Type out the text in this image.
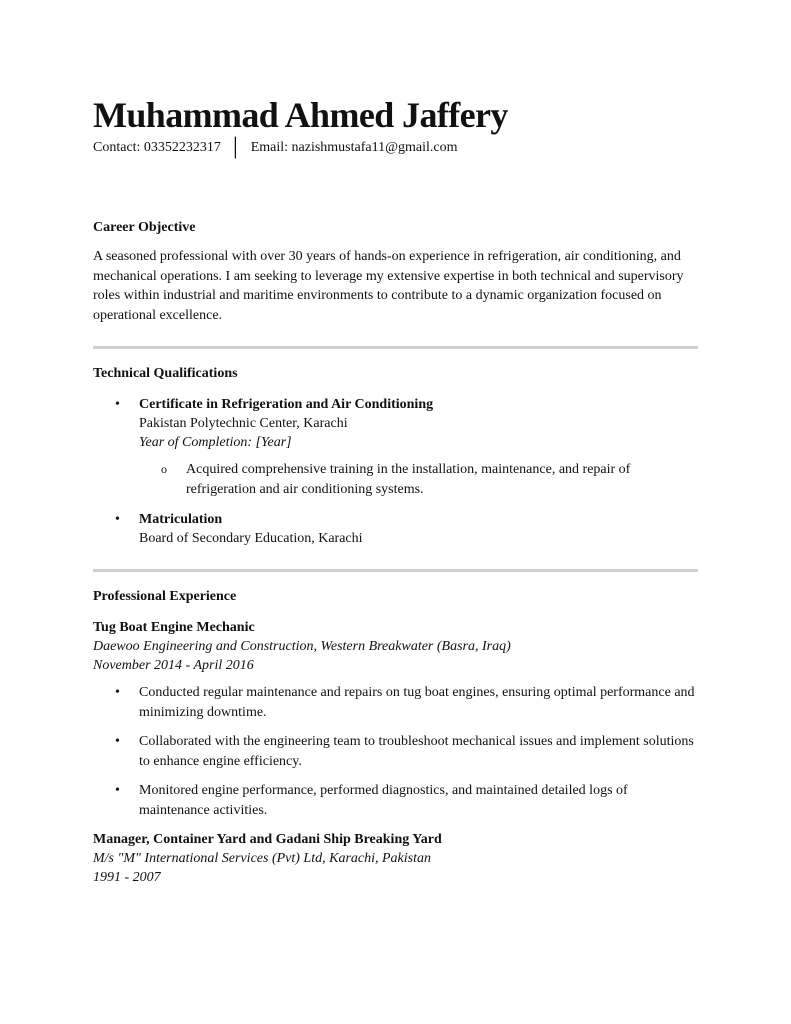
Muhammad Ahmed Jaffery
Contact: 03352232317 │ Email: nazishmustafa11@gmail.com
Career Objective
A seasoned professional with over 30 years of hands-on experience in refrigeration, air conditioning, and mechanical operations. I am seeking to leverage my extensive expertise in both technical and supervisory roles within industrial and maritime environments to contribute to a dynamic organization focused on operational excellence.
Technical Qualifications
• Certificate in Refrigeration and Air Conditioning
Pakistan Polytechnic Center, Karachi
Year of Completion: [Year]
o Acquired comprehensive training in the installation, maintenance, and repair of refrigeration and air conditioning systems.
• Matriculation
Board of Secondary Education, Karachi
Professional Experience
Tug Boat Engine Mechanic
Daewoo Engineering and Construction, Western Breakwater (Basra, Iraq)
November 2014 - April 2016
• Conducted regular maintenance and repairs on tug boat engines, ensuring optimal performance and minimizing downtime.
• Collaborated with the engineering team to troubleshoot mechanical issues and implement solutions to enhance engine efficiency.
• Monitored engine performance, performed diagnostics, and maintained detailed logs of maintenance activities.
Manager, Container Yard and Gadani Ship Breaking Yard
M/s "M" International Services (Pvt) Ltd, Karachi, Pakistan
1991 - 2007
